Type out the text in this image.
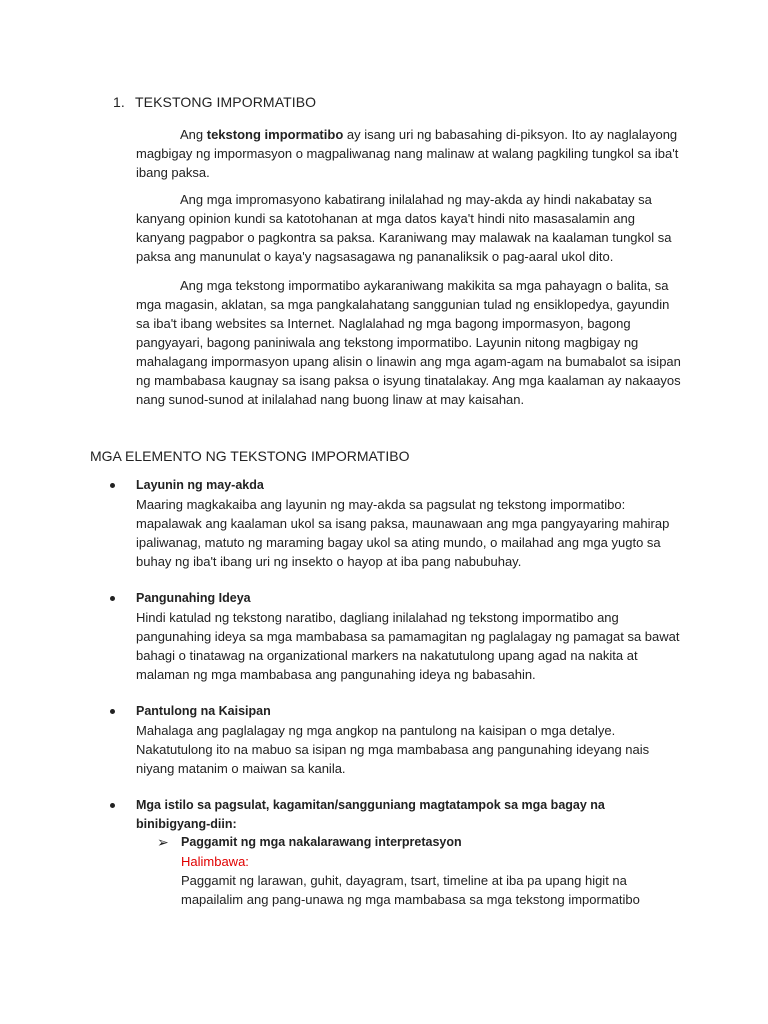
1. TEKSTONG IMPORMATIBO
Ang tekstong impormatibo ay isang uri ng babasahing di-piksyon. Ito ay naglalayong magbigay ng impormasyon o magpaliwanag nang malinaw at walang pagkiling tungkol sa iba't ibang paksa.
Ang mga impromasyono kabatirang inilalahad ng may-akda ay hindi nakabatay sa kanyang opinion kundi sa katotohanan at mga datos kaya't hindi nito masasalamin ang kanyang pagpabor o pagkontra sa paksa. Karaniwang may malawak na kaalaman tungkol sa paksa ang manunulat o kaya'y nagsasagawa ng pananaliksik o pag-aaral ukol dito.
Ang mga tekstong impormatibo aykaraniwang makikita sa mga pahayagn o balita, sa mga magasin, aklatan, sa mga pangkalahatang sanggunian tulad ng ensiklopedya, gayundin sa iba't ibang websites sa Internet. Naglalahad ng mga bagong impormasyon, bagong pangyayari, bagong paniniwala ang tekstong impormatibo. Layunin nitong magbigay ng mahalagang impormasyon upang alisin o linawin ang mga agam-agam na bumabalot sa isipan ng mambabasa kaugnay sa isang paksa o isyung tinatalakay. Ang mga kaalaman ay nakaayos nang sunod-sunod at inilalahad nang buong linaw at may kaisahan.
MGA ELEMENTO NG TEKSTONG IMPORMATIBO
Layunin ng may-akda
Maaring magkakaiba ang layunin ng may-akda sa pagsulat ng tekstong impormatibo: mapalawak ang kaalaman ukol sa isang paksa, maunawaan ang mga pangyayaring mahirap ipaliwanag, matuto ng maraming bagay ukol sa ating mundo, o mailahad ang mga yugto sa buhay ng iba't ibang uri ng insekto o hayop at iba pang nabubuhay.
Pangunahing Ideya
Hindi katulad ng tekstong naratibo, dagliang inilalahad ng tekstong impormatibo ang pangunahing ideya sa mga mambabasa sa pamamagitan ng paglalagay ng pamagat sa bawat bahagi o tinatawag na organizational markers na nakatutulong upang agad na nakita at malaman ng mga mambabasa ang pangunahing ideya ng babasahin.
Pantulong na Kaisipan
Mahalaga ang paglalagay ng mga angkop na pantulong na kaisipan o mga detalye. Nakatutulong ito na mabuo sa isipan ng mga mambabasa ang pangunahing ideyang nais niyang matanim o maiwan sa kanila.
Mga istilo sa pagsulat, kagamitan/sangguniang magtatampok sa mga bagay na binibigyang-diin:
➢ Paggamit ng mga nakalarawang interpretasyon
Halimbawa:
Paggamit ng larawan, guhit, dayagram, tsart, timeline at iba pa upang higit na mapailalim ang pang-unawa ng mga mambabasa sa mga tekstong impormatibo
